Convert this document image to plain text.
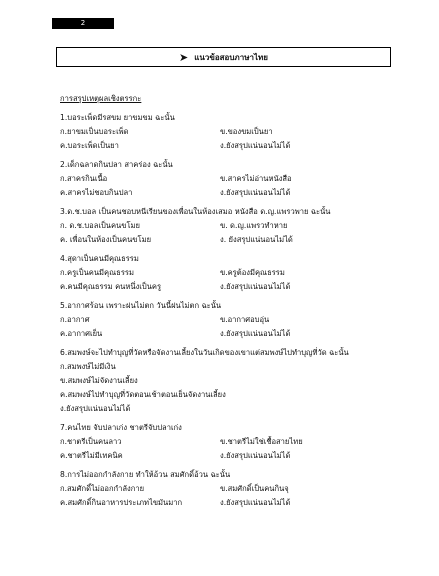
2
➤ แนวข้อสอบภาษาไทย
การสรุปเหตุผลเชิงตรรกะ
1.บอระเพ็ดมีรสขม ยาขมขม ฉะนั้น
ก.ยาขมเป็นบอระเพ็ด	ข.ของขมเป็นยา
ค.บอระเพ็ดเป็นยา	ง.ยังสรุปแน่นอนไม่ได้
2.เด็กฉลาดกินปลา สาคร่อง ฉะนั้น
ก.สาครกินเนื้อ	ข.สาครไม่อ่านหนังสือ
ค.สาครไม่ชอบกินปลา	ง.ยังสรุปแน่นอนไม่ได้
3.ด.ช.บอล เป็นคนชอบหนีเรียนของเพื่อนในห้องเสมอ หนังสือ ด.ญ.แพรวพาย ฉะนั้น
ก. ด.ช.บอลเป็นคนขโมย	ข. ด.ญ.แพรวทำหาย
ค. เพื่อนในห้องเป็นคนขโมย	ง. ยังสรุปแน่นอนไม่ได้
4.สุดาเป็นคนมีคุณธรรม
ก.ครูเป็นคนมีคุณธรรม	ข.ครูต้องมีคุณธรรม
ค.คนมีคุณธรรม คนหนึ่งเป็นครู	ง.ยังสรุปแน่นอนไม่ได้
5.อากาศร้อน เพราะฝนไม่ตก วันนี้ฝนไม่ตก ฉะนั้น
ก.อากาศ	ข.อากาศอบอุ่น
ค.อากาศเย็น	ง.ยังสรุปแน่นอนไม่ได้
6.สมพงษ์จะไปทำบุญที่วัดหรือจัดงานเลี้ยงในวันเกิดของเขาแต่สมพงษ์ไปทำบุญที่วัด ฉะนั้น
ก.สมพงษ์ไม่มีเงิน
ข.สมพงษ์ไม่จัดงานเลี้ยง
ค.สมพงษ์ไปทำบุญที่วัดตอนเช้าตอนเย็นจัดงานเลี้ยง
ง.ยังสรุปแน่นอนไม่ได้
7.คนไทย จับปลาเก่ง ชาตรีจับปลาเก่ง
ก.ชาตรีเป็นคนลาว	ข.ชาตรีไม่ใช่เชื้อสายไทย
ค.ชาตรีไม่มีเทคนิค	ง.ยังสรุปแน่นอนไม่ได้
8.การไม่ออกกำลังกาย ทำให้อ้วน สมศักดิ์อ้วน ฉะนั้น
ก.สมศักดิ์ไม่ออกกำลังกาย	ข.สมศักดิ์เป็นคนกินจุ
ค.สมศักดิ์กินอาหารประเภทไขมันมาก	ง.ยังสรุปแน่นอนไม่ได้
